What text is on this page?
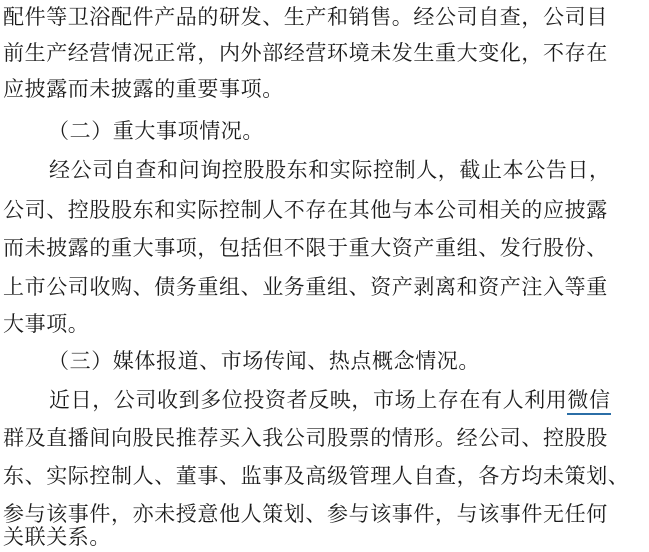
配件等卫浴配件产品的研发、生产和销售。经公司自查，公司目
前生产经营情况正常，内外部经营环境未发生重大变化，不存在
应披露而未披露的重要事项。
（二）重大事项情况。
经公司自查和问询控股股东和实际控制人，截止本公告日，
公司、控股股东和实际控制人不存在其他与本公司相关的应披露
而未披露的重大事项，包括但不限于重大资产重组、发行股份、
上市公司收购、债务重组、业务重组、资产剥离和资产注入等重
大事项。
（三）媒体报道、市场传闻、热点概念情况。
近日，公司收到多位投资者反映，市场上存在有人利用微信
群及直播间向股民推荐买入我公司股票的情形。经公司、控股股
东、实际控制人、董事、监事及高级管理人自查，各方均未策划、
参与该事件，亦未授意他人策划、参与该事件，与该事件无任何
关联关系。
